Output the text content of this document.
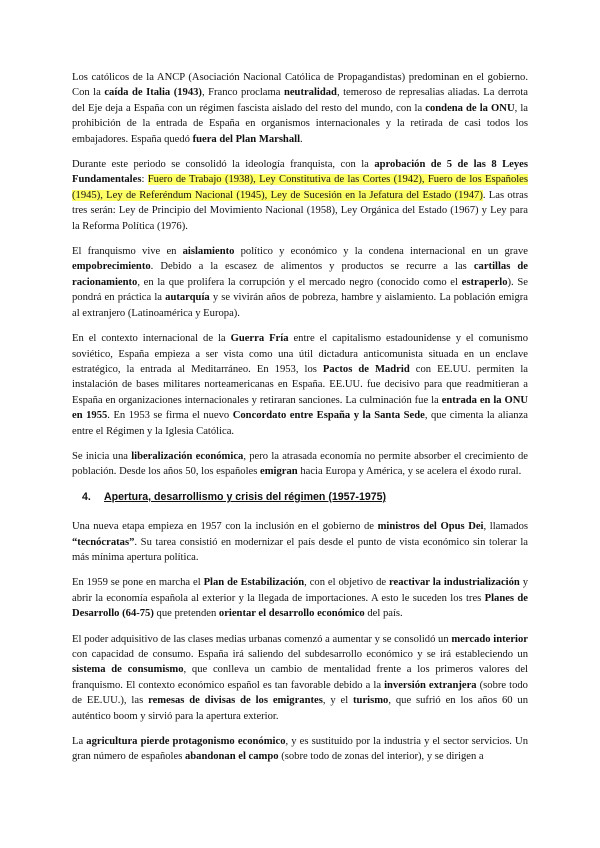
Los católicos de la ANCP (Asociación Nacional Católica de Propagandistas) predominan en el gobierno. Con la caída de Italia (1943), Franco proclama neutralidad, temeroso de represalias aliadas. La derrota del Eje deja a España con un régimen fascista aislado del resto del mundo, con la condena de la ONU, la prohibición de la entrada de España en organismos internacionales y la retirada de casi todos los embajadores. España quedó fuera del Plan Marshall.

Durante este periodo se consolidó la ideología franquista, con la aprobación de 5 de las 8 Leyes Fundamentales: Fuero de Trabajo (1938), Ley Constitutiva de las Cortes (1942), Fuero de los Españoles (1945), Ley de Referéndum Nacional (1945), Ley de Sucesión en la Jefatura del Estado (1947). Las otras tres serán: Ley de Principio del Movimiento Nacional (1958), Ley Orgánica del Estado (1967) y Ley para la Reforma Política (1976).

El franquismo vive en aislamiento político y económico y la condena internacional en un grave empobrecimiento. Debido a la escasez de alimentos y productos se recurre a las cartillas de racionamiento, en la que prolifera la corrupción y el mercado negro (conocido como el estraperlo). Se pondrá en práctica la autarquía y se vivirán años de pobreza, hambre y aislamiento. La población emigra al extranjero (Latinoamérica y Europa).

En el contexto internacional de la Guerra Fría entre el capitalismo estadounidense y el comunismo soviético, España empieza a ser vista como una útil dictadura anticomunista situada en un enclave estratégico, la entrada al Meditarráneo. En 1953, los Pactos de Madrid con EE.UU. permiten la instalación de bases militares norteamericanas en España. EE.UU. fue decisivo para que readmitieran a España en organizaciones internacionales y retiraran sanciones. La culminación fue la entrada en la ONU en 1955. En 1953 se firma el nuevo Concordato entre España y la Santa Sede, que cimenta la alianza entre el Régimen y la Iglesia Católica.

Se inicia una liberalización económica, pero la atrasada economía no permite absorber el crecimiento de población. Desde los años 50, los españoles emigran hacia Europa y América, y se acelera el éxodo rural.

4. Apertura, desarrollismo y crisis del régimen (1957-1975)

Una nueva etapa empieza en 1957 con la inclusión en el gobierno de ministros del Opus Dei, llamados “tecnócratas”. Su tarea consistió en modernizar el país desde el punto de vista económico sin tolerar la más mínima apertura política.

En 1959 se pone en marcha el Plan de Estabilización, con el objetivo de reactivar la industrialización y abrir la economía española al exterior y la llegada de importaciones. A esto le suceden los tres Planes de Desarrollo (64-75) que pretenden orientar el desarrollo económico del país.

El poder adquisitivo de las clases medias urbanas comenzó a aumentar y se consolidó un mercado interior con capacidad de consumo. España irá saliendo del subdesarrollo económico y se irá estableciendo un sistema de consumismo, que conlleva un cambio de mentalidad frente a los primeros valores del franquismo. El contexto económico español es tan favorable debido a la inversión extranjera (sobre todo de EE.UU.), las remesas de divisas de los emigrantes, y el turismo, que sufrió en los años 60 un auténtico boom y sirvió para la apertura exterior.

La agricultura pierde protagonismo económico, y es sustituido por la industria y el sector servicios. Un gran número de españoles abandonan el campo (sobre todo de zonas del interior), y se dirigen a
